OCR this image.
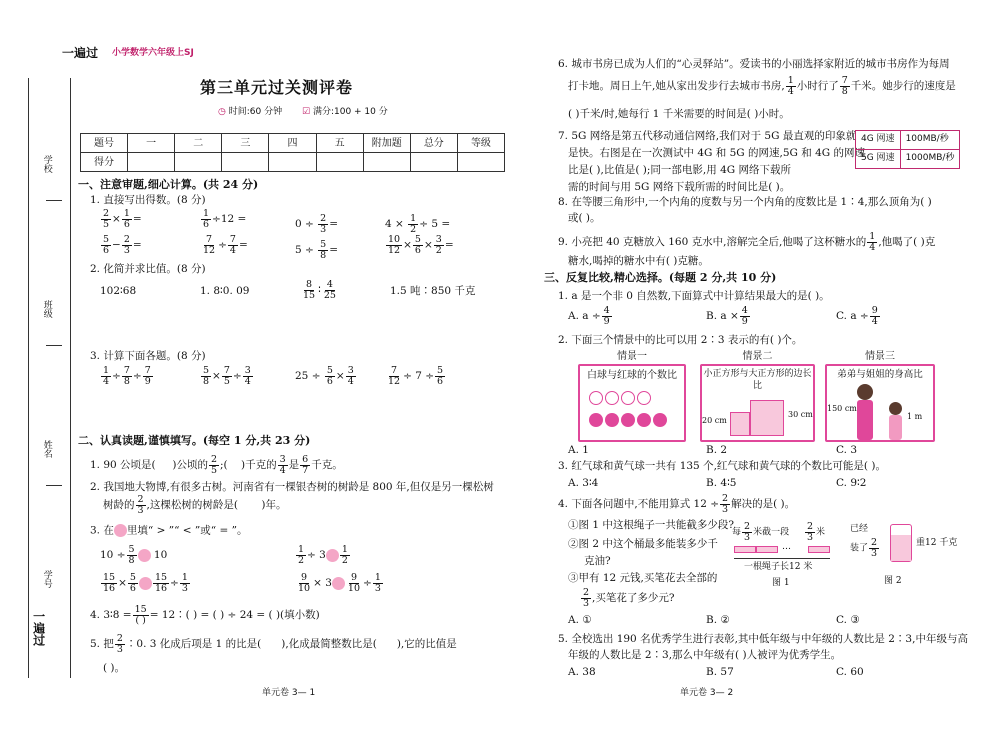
一遍过 小学数学六年级上SJ
学校
班级
姓名
学号
一遍过
第三单元过关测评卷
◷ 时间:60 分钟 ☑ 满分:100 + 10 分
题号	一	二	三	四	五	附加题	总分	等级
得分								
一、注意审题,细心计算。(共 24 分)
1. 直接写出得数。(8 分)
$\frac{2}{5} \times \frac{1}{6}$ =	$\frac{1}{6} \div 12$ =	$0 \div \frac{2}{3}$ =	$4 \times \frac{1}{2} \div 5$ =
$\frac{5}{6} - \frac{2}{3}$ =	$\frac{7}{12} \div \frac{7}{4}$ =	$5 \div \frac{5}{8}$ =	$\frac{10}{12} \times \frac{5}{6} \times \frac{3}{2}$ =
2. 化简并求比值。(8 分)
102∶68	1. 8∶0. 09	$\frac{8}{15}$ ∶ $\frac{4}{25}$	1.5 吨∶850 千克
3. 计算下面各题。(8 分)
$\frac{1}{4} \div \frac{7}{8} \div \frac{7}{9}$	$\frac{5}{8} \times \frac{7}{5} \div \frac{3}{4}$	$25 \div \frac{5}{6} \times \frac{3}{4}$	$\frac{7}{12} \div 7 \div \frac{5}{6}$
二、认真读题,谨慎填写。(每空 1 分,共 23 分)
1. 90 公顷是( )公顷的 $\frac{2}{5}$ ;( )千克的 $\frac{3}{4}$ 是 $\frac{6}{7}$ 千克。
2. 我国地大物博,有很多古树。河南省有一棵银杏树的树龄是 800 年,但仅是另一棵松树
树龄的 $\frac{2}{3}$ ,这棵松树的树龄是( )年。
3. 在 里填“ > ”“ < ”或“ = ”。
$10 \div \frac{5}{8} 10$	$\frac{1}{2} \div 3 \frac{1}{2}$
$\frac{15}{16} \times \frac{5}{6} \frac{15}{16} \div \frac{1}{3}$	$\frac{9}{10} \times 3 \frac{9}{10} \div \frac{1}{3}$
4. 3∶8 = $\frac{15}{( )}$ = 12∶( ) = ( ) ÷ 24 = ( )(填小数)
5. 把 $\frac{2}{3}$ ∶0. 3 化成后项是 1 的比是( ),化成最简整数比是( ),它的比值是
( )。
单元卷 3— 1
6. 城市书房已成为人们的“心灵驿站”。爱读书的小丽选择家附近的城市书房作为每周
打卡地。周日上午,她从家出发步行去城市书房, $\frac{1}{4}$ 小时行了 $\frac{7}{8}$ 千米。她步行的速度是
( )千米/时,她每行 1 千米需要的时间是( )小时。
7. 5G 网络是第五代移动通信网络,我们对于 5G 最直观的印象就
是快。右图是在一次测试中 4G 和 5G 的网速,5G 和 4G 的网速
比是( ),比值是( );同一部电影,用 4G 网络下载所
需的时间与用 5G 网络下载所需的时间比是( )。
4G 网速	100MB/秒
5G 网速	1000MB/秒
8. 在等腰三角形中,一个内角的度数与另一个内角的度数比是 1∶4,那么顶角为( )
或( )。
9. 小亮把 40 克糖放入 160 克水中,溶解完全后,他喝了这杯糖水的 $\frac{1}{4}$ ,他喝了( )克
糖水,喝掉的糖水中有( )克糖。
三、反复比较,精心选择。(每题 2 分,共 10 分)
1. a 是一个非 0 自然数,下面算式中计算结果最大的是( )。
A. $a \div \frac{4}{9}$	B. $a \times \frac{4}{9}$	C. $a \div \frac{9}{4}$
2. 下面三个情景中的比可以用 2∶3 表示的有( )个。
情景一
白球与红球的个数比
情景二
小正方形与大正方形的边长比
20 cm
30 cm
情景三
弟弟与姐姐的身高比
150 cm
1 m
A. 1	B. 2	C. 3
3. 红气球和黄气球一共有 135 个,红气球和黄气球的个数比可能是( )。
A. 3∶4	B. 4∶5	C. 9∶2
4. 下面各问题中,不能用算式 $12 \div \frac{2}{3}$ 解决的是( )。
①图 1 中这根绳子一共能截多少段?
②图 2 中这个桶最多能装多少千
克油?
③甲有 12 元钱,买笔花去全部的
$\frac{2}{3}$ ,买笔花了多少元?
每 $\frac{2}{3}$ 米截一段 $\frac{2}{3}$ 米
…
一根绳子长12 米
图 1
已经
装了 $\frac{2}{3}$	重12 千克
图 2
A. ①	B. ②	C. ③
5. 全校选出 190 名优秀学生进行表彰,其中低年级与中年级的人数比是 2∶3,中年级与高
年级的人数比是 2∶3,那么中年级有( )人被评为优秀学生。
A. 38	B. 57	C. 60
单元卷 3— 2
